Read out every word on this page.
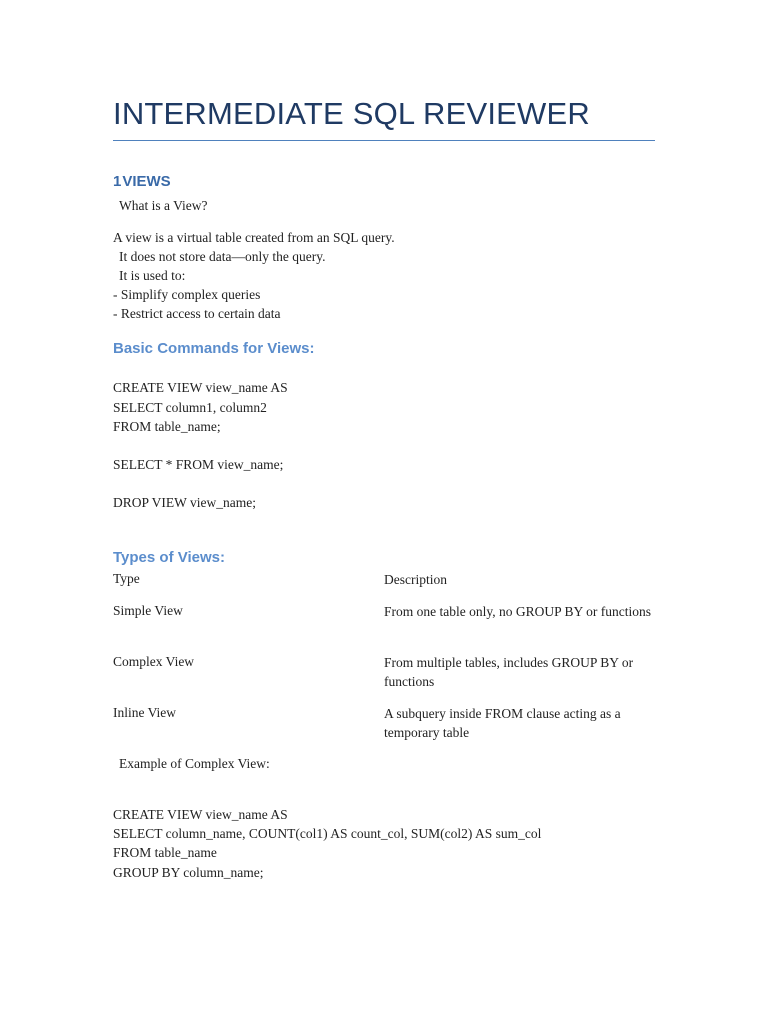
INTERMEDIATE SQL REVIEWER
1VIEWS
What is a View?
A view is a virtual table created from an SQL query.
It does not store data—only the query.
It is used to:
- Simplify complex queries
- Restrict access to certain data
Basic Commands for Views:
CREATE VIEW view_name AS
SELECT column1, column2
FROM table_name;
SELECT * FROM view_name;
DROP VIEW view_name;
Types of Views:
Type	Description
Simple View	From one table only, no GROUP BY or functions
Complex View	From multiple tables, includes GROUP BY or functions
Inline View	A subquery inside FROM clause acting as a temporary table
Example of Complex View:
CREATE VIEW view_name AS
SELECT column_name, COUNT(col1) AS count_col, SUM(col2) AS sum_col
FROM table_name
GROUP BY column_name;
